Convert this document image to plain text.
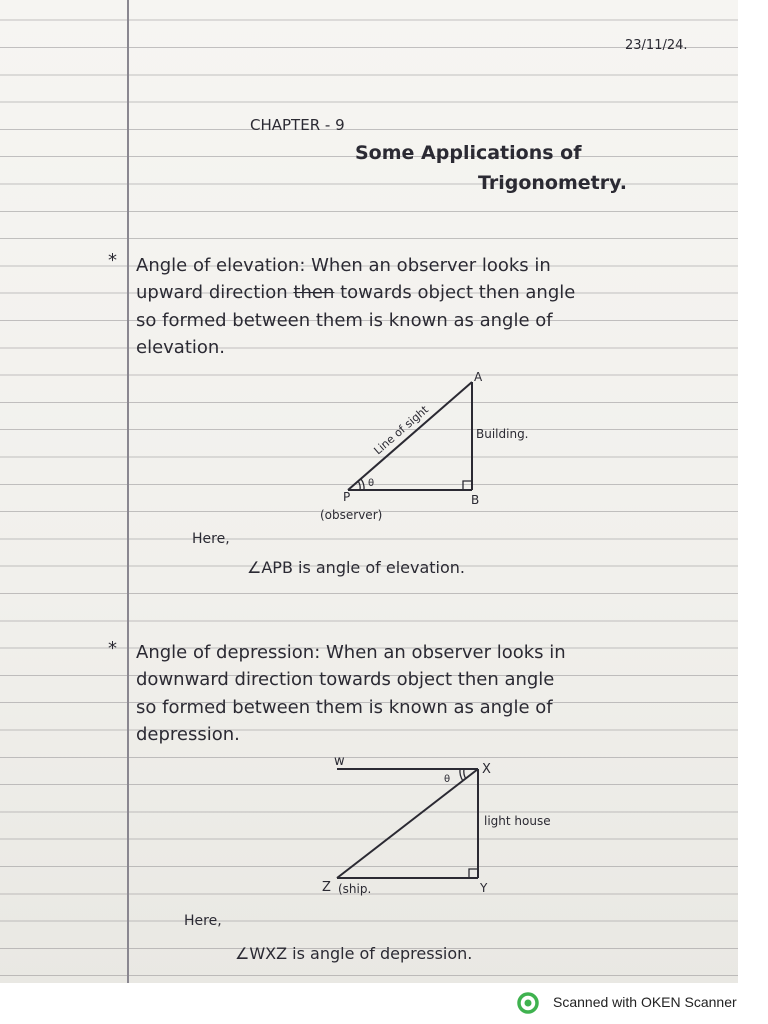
23/11/24.
CHAPTER - 9
Some Applications of
Trigonometry.
* Angle of elevation: When an observer looks in
upward direction then towards object then angle
so formed between them is known as angle of
elevation.
A
B
P
θ
Line of sight	Building.
(observer)
Here,
∠APB is angle of elevation.
* Angle of depression: When an observer looks in
downward direction towards object then angle
so formed between them is known as angle of
depression.
w
X
Y
Z
θ
light house
(ship.
Here,
∠WXZ is angle of depression.
Scanned with OKEN Scanner
